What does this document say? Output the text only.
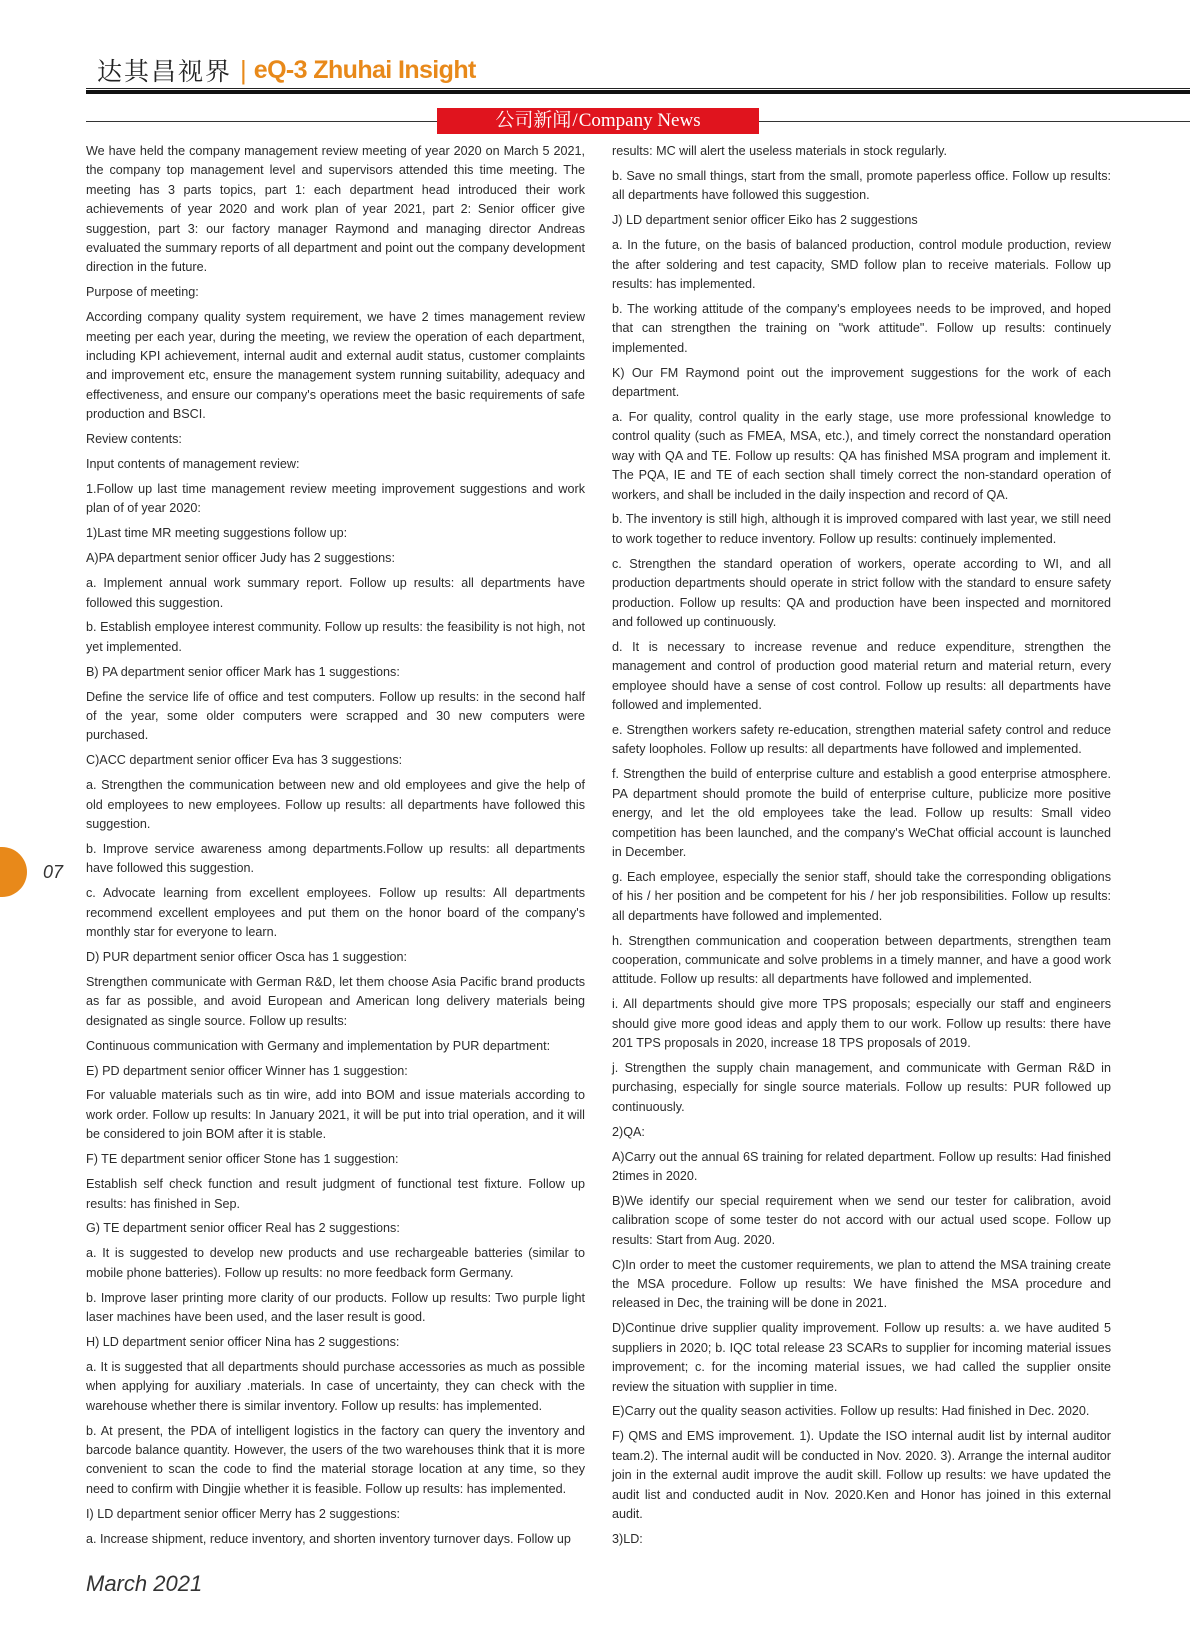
达其昌视界 | eQ-3 Zhuhai Insight
公司新闻/Company News

We have held the company management review meeting of year 2020 on March 5 2021, the company top management level and supervisors attended this time meeting. The meeting has 3 parts topics, part 1: each department head introduced their work achievements of year 2020 and work plan of year 2021, part 2: Senior officer give suggestion, part 3: our factory manager Raymond and managing director Andreas evaluated the summary reports of all department and point out the company development direction in the future.

Purpose of meeting:

According company quality system requirement, we have 2 times management review meeting per each year, during the meeting, we review the operation of each department, including KPI achievement, internal audit and external audit status, customer complaints and improvement etc, ensure the management system running suitability, adequacy and effectiveness, and ensure our company's operations meet the basic requirements of safe production and BSCI.

Review contents:

Input contents of management review:

1.Follow up last time management review meeting improvement suggestions and work plan of of year 2020:

1)Last time MR meeting suggestions follow up:

A)PA department senior officer Judy has 2 suggestions:

a. Implement annual work summary report. Follow up results: all departments have followed this suggestion.

b. Establish employee interest community. Follow up results: the feasibility is not high, not yet implemented.

B) PA department senior officer Mark has 1 suggestions:

Define the service life of office and test computers. Follow up results: in the second half of the year, some older computers were scrapped and 30 new computers were purchased.

C)ACC department senior officer Eva has 3 suggestions:

a. Strengthen the communication between new and old employees and give the help of old employees to new employees. Follow up results: all departments have followed this suggestion.

b. Improve service awareness among departments.Follow up results: all departments have followed this suggestion.

c. Advocate learning from excellent employees. Follow up results: All departments recommend excellent employees and put them on the honor board of the company's monthly star for everyone to learn.

D) PUR department senior officer Osca has 1 suggestion:

Strengthen communicate with German R&D, let them choose Asia Pacific brand products as far as possible, and avoid European and American long delivery materials being designated as single source. Follow up results:

Continuous communication with Germany and implementation by PUR department:

E) PD department senior officer Winner has 1 suggestion:

For valuable materials such as tin wire, add into BOM and issue materials according to work order. Follow up results: In January 2021, it will be put into trial operation, and it will be considered to join BOM after it is stable.

F) TE department senior officer Stone has 1 suggestion:

Establish self check function and result judgment of functional test fixture. Follow up results: has finished in Sep.

G) TE department senior officer Real has 2 suggestions:

a. It is suggested to develop new products and use rechargeable batteries (similar to mobile phone batteries). Follow up results: no more feedback form Germany.

b. Improve laser printing more clarity of our products. Follow up results: Two purple light laser machines have been used, and the laser result is good.

H) LD department senior officer Nina has 2 suggestions:

a. It is suggested that all departments should purchase accessories as much as possible when applying for auxiliary .materials. In case of uncertainty, they can check with the warehouse whether there is similar inventory. Follow up results: has implemented.

b. At present, the PDA of intelligent logistics in the factory can query the inventory and barcode balance quantity. However, the users of the two warehouses think that it is more convenient to scan the code to find the material storage location at any time, so they need to confirm with Dingjie whether it is feasible. Follow up results: has implemented.

I) LD department senior officer Merry has 2 suggestions:

a. Increase shipment, reduce inventory, and shorten inventory turnover days. Follow up

results: MC will alert the useless materials in stock regularly.

b. Save no small things, start from the small, promote paperless office. Follow up results: all departments have followed this suggestion.

J) LD department senior officer Eiko has 2 suggestions

a. In the future, on the basis of balanced production, control module production, review the after soldering and test capacity, SMD follow plan to receive materials. Follow up results: has implemented.

b. The working attitude of the company's employees needs to be improved, and hoped that can strengthen the training on "work attitude". Follow up results: continuely implemented.

K) Our FM Raymond point out the improvement suggestions for the work of each department.

a. For quality, control quality in the early stage, use more professional knowledge to control quality (such as FMEA, MSA, etc.), and timely correct the nonstandard operation way with QA and TE. Follow up results: QA has finished MSA program and implement it. The PQA, IE and TE of each section shall timely correct the non-standard operation of workers, and shall be included in the daily inspection and record of QA.

b. The inventory is still high, although it is improved compared with last year, we still need to work together to reduce inventory. Follow up results: continuely implemented.

c. Strengthen the standard operation of workers, operate according to WI, and all production departments should operate in strict follow with the standard to ensure safety production. Follow up results: QA and production have been inspected and mornitored and followed up continuously.

d. It is necessary to increase revenue and reduce expenditure, strengthen the management and control of production good material return and material return, every employee should have a sense of cost control. Follow up results: all departments have followed and implemented.

e. Strengthen workers safety re-education, strengthen material safety control and reduce safety loopholes. Follow up results: all departments have followed and implemented.

f. Strengthen the build of enterprise culture and establish a good enterprise atmosphere. PA department should promote the build of enterprise culture, publicize more positive energy, and let the old employees take the lead. Follow up results: Small video competition has been launched, and the company's WeChat official account is launched in December.

g. Each employee, especially the senior staff, should take the corresponding obligations of his / her position and be competent for his / her job responsibilities. Follow up results: all departments have followed and implemented.

h. Strengthen communication and cooperation between departments, strengthen team cooperation, communicate and solve problems in a timely manner, and have a good work attitude. Follow up results: all departments have followed and implemented.

i. All departments should give more TPS proposals; especially our staff and engineers should give more good ideas and apply them to our work. Follow up results: there have 201 TPS proposals in 2020, increase 18 TPS proposals of 2019.

j. Strengthen the supply chain management, and communicate with German R&D in purchasing, especially for single source materials. Follow up results: PUR followed up continuously.

2)QA:

A)Carry out the annual 6S training for related department. Follow up results: Had finished 2times in 2020.

B)We identify our special requirement when we send our tester for calibration, avoid calibration scope of some tester do not accord with our actual used scope. Follow up results: Start from Aug. 2020.

C)In order to meet the customer requirements, we plan to attend the MSA training create the MSA procedure. Follow up results: We have finished the MSA procedure and released in Dec, the training will be done in 2021.

D)Continue drive supplier quality improvement. Follow up results: a. we have audited 5 suppliers in 2020; b. IQC total release 23 SCARs to supplier for incoming material issues improvement; c. for the incoming material issues, we had called the supplier onsite review the situation with supplier in time.

E)Carry out the quality season activities. Follow up results: Had finished in Dec. 2020.

F) QMS and EMS improvement. 1). Update the ISO internal audit list by internal auditor team.2). The internal audit will be conducted in Nov. 2020. 3). Arrange the internal auditor join in the external audit improve the audit skill. Follow up results: we have updated the audit list and conducted audit in Nov. 2020.Ken and Honor has joined in this external audit.

3)LD:

07
March 2021
